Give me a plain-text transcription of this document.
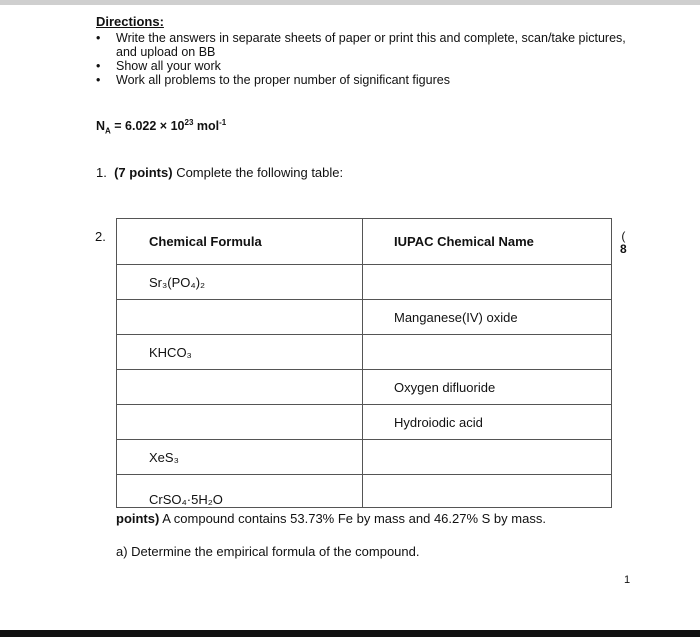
Directions:
• Write the answers in separate sheets of paper or print this and complete, scan/take pictures,
and upload on BB
• Show all your work
• Work all problems to the proper number of significant figures
$N_A = 6.022 \times 10^{23}$ mol$^{-1}$
1. (7 points) Complete the following table:
2.	Chemical Formula	IUPAC Chemical Name
Sr₃(PO₄)₂	
	Manganese(IV) oxide
KHCO₃	
	Oxygen difluoride
	Hydroiodic acid
XeS₃	
CrSO₄·5H₂O	
(
8
points) A compound contains 53.73% Fe by mass and 46.27% S by mass.
a) Determine the empirical formula of the compound.
1
